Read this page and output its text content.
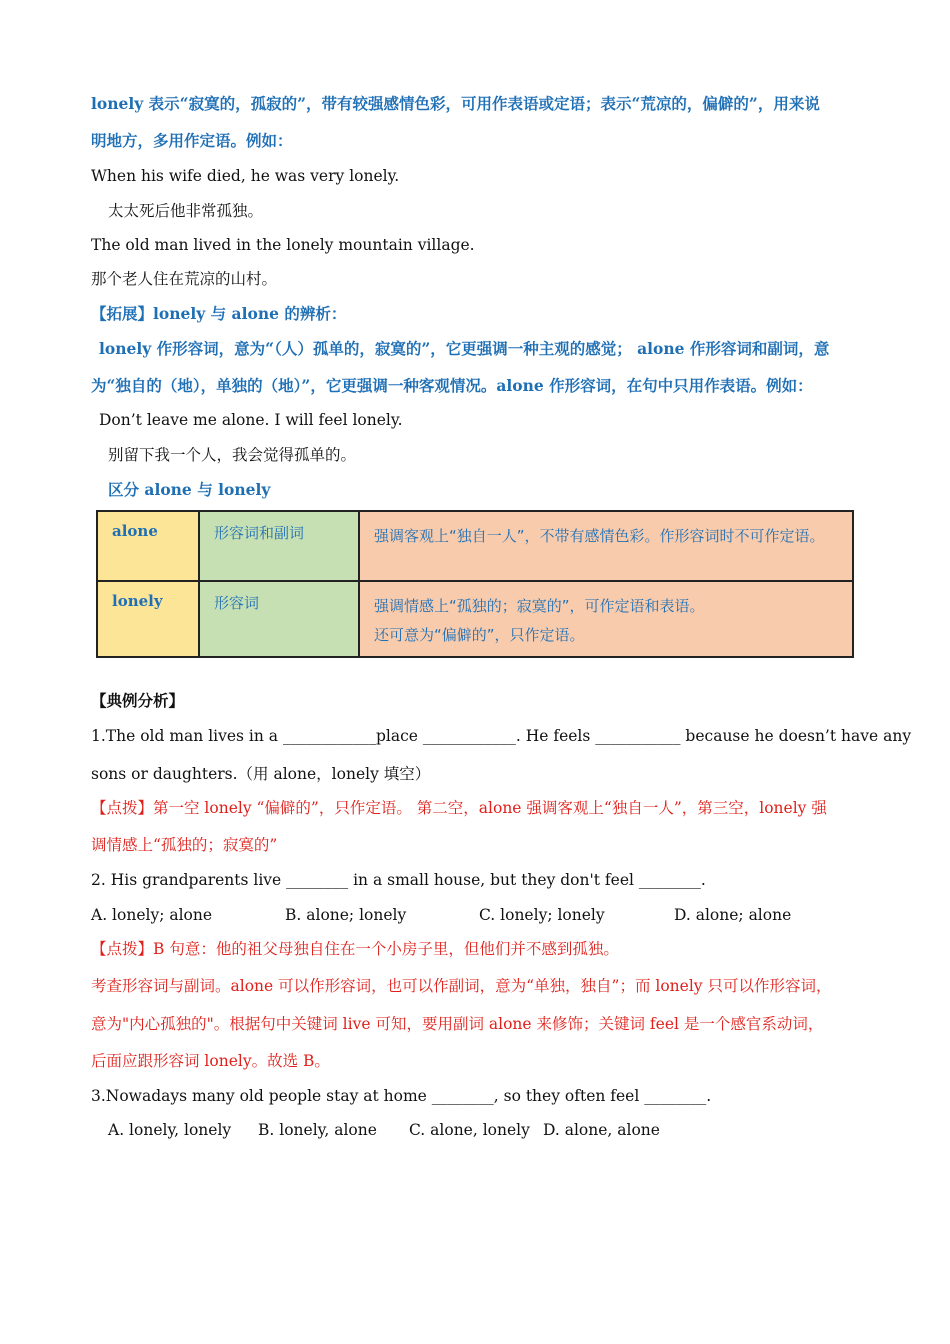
lonely 表示“寂寞的，孤寂的”，带有较强感情色彩，可用作表语或定语；表示“荒凉的，偏僻的”，用来说
明地方，多用作定语。例如：
When his wife died, he was very lonely.
太太死后他非常孤独。
The old man lived in the lonely mountain village.
那个老人住在荒凉的山村。
【拓展】lonely 与 alone 的辨析：
lonely 作形容词，意为“（人）孤单的，寂寞的”，它更强调一种主观的感觉； alone 作形容词和副词，意
为“独自的（地），单独的（地）”，它更强调一种客观情况。alone 作形容词，在句中只用作表语。例如：
Don’t leave me alone. I will feel lonely.
别留下我一个人，我会觉得孤单的。
区分 alone 与 lonely
alone	形容词和副词	强调客观上“独自一人”，不带有感情色彩。作形容词时不可作定语。

lonely	形容词	强调情感上“孤独的；寂寞的”，可作定语和表语。
还可意为“偏僻的”，只作定语。
【典例分析】
1.The old man lives in a ____________place ____________. He feels ___________ because he doesn’t have any
sons or daughters.（用 alone，lonely 填空）
【点拨】第一空 lonely “偏僻的”，只作定语。 第二空，alone 强调客观上“独自一人”，第三空，lonely 强
调情感上“孤独的；寂寞的”
2. His grandparents live ________ in a small house, but they don't feel ________.
A. lonely; alone	B. alone; lonely	C. lonely; lonely	D. alone; alone
【点拨】B 句意：他的祖父母独自住在一个小房子里，但他们并不感到孤独。
考查形容词与副词。alone 可以作形容词，也可以作副词，意为“单独，独自”；而 lonely 只可以作形容词，
意为"内心孤独的"。根据句中关键词 live 可知，要用副词 alone 来修饰；关键词 feel 是一个感官系动词，
后面应跟形容词 lonely。故选 B。
3.Nowadays many old people stay at home ________, so they often feel ________.
A. lonely, lonely B. lonely, alone C. alone, lonely D. alone, alone
